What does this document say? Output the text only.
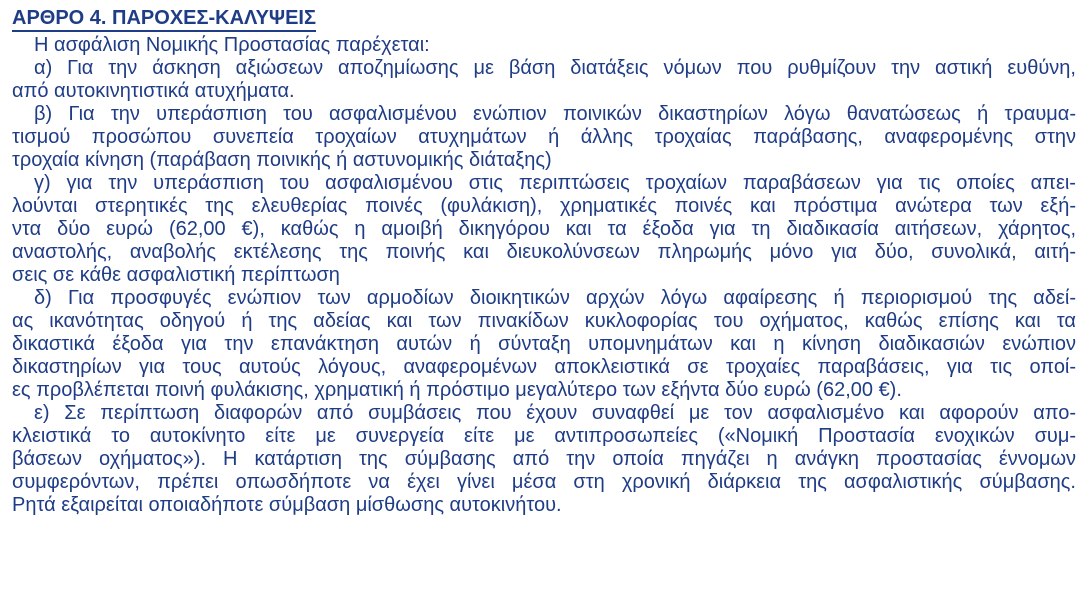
ΑΡΘΡΟ 4. ΠΑΡΟΧΕΣ-ΚΑΛΥΨΕΙΣ
Η ασφάλιση Νομικής Προστασίας παρέχεται:
α) Για την άσκηση αξιώσεων αποζημίωσης με βάση διατάξεις νόμων που ρυθμίζουν την αστική ευθύνη,
από αυτοκινητιστικά ατυχήματα.
β) Για την υπεράσπιση του ασφαλισμένου ενώπιον ποινικών δικαστηρίων λόγω θανατώσεως ή τραυμα-
τισμού προσώπου συνεπεία τροχαίων ατυχημάτων ή άλλης τροχαίας παράβασης, αναφερομένης στην
τροχαία κίνηση (παράβαση ποινικής ή αστυνομικής διάταξης)
γ) για την υπεράσπιση του ασφαλισμένου στις περιπτώσεις τροχαίων παραβάσεων για τις οποίες απει-
λούνται στερητικές της ελευθερίας ποινές (φυλάκιση), χρηματικές ποινές και πρόστιμα ανώτερα των εξή-
ντα δύο ευρώ (62,00 €), καθώς η αμοιβή δικηγόρου και τα έξοδα για τη διαδικασία αιτήσεων, χάρητος,
αναστολής, αναβολής εκτέλεσης της ποινής και διευκολύνσεων πληρωμής μόνο για δύο, συνολικά, αιτή-
σεις σε κάθε ασφαλιστική περίπτωση
δ) Για προσφυγές ενώπιον των αρμοδίων διοικητικών αρχών λόγω αφαίρεσης ή περιορισμού της αδεί-
ας ικανότητας οδηγού ή της αδείας και των πινακίδων κυκλοφορίας του οχήματος, καθώς επίσης και τα
δικαστικά έξοδα για την επανάκτηση αυτών ή σύνταξη υπομνημάτων και η κίνηση διαδικασιών ενώπιον
δικαστηρίων για τους αυτούς λόγους, αναφερομένων αποκλειστικά σε τροχαίες παραβάσεις, για τις οποί-
ες προβλέπεται ποινή φυλάκισης, χρηματική ή πρόστιμο μεγαλύτερο των εξήντα δύο ευρώ (62,00 €).
ε) Σε περίπτωση διαφορών από συμβάσεις που έχουν συναφθεί με τον ασφαλισμένο και αφορούν απο-
κλειστικά το αυτοκίνητο είτε με συνεργεία είτε με αντιπροσωπείες («Νομική Προστασία ενοχικών συμ-
βάσεων οχήματος»). Η κατάρτιση της σύμβασης από την οποία πηγάζει η ανάγκη προστασίας έννομων
συμφερόντων, πρέπει οπωσδήποτε να έχει γίνει μέσα στη χρονική διάρκεια της ασφαλιστικής σύμβασης.
Ρητά εξαιρείται οποιαδήποτε σύμβαση μίσθωσης αυτοκινήτου.
